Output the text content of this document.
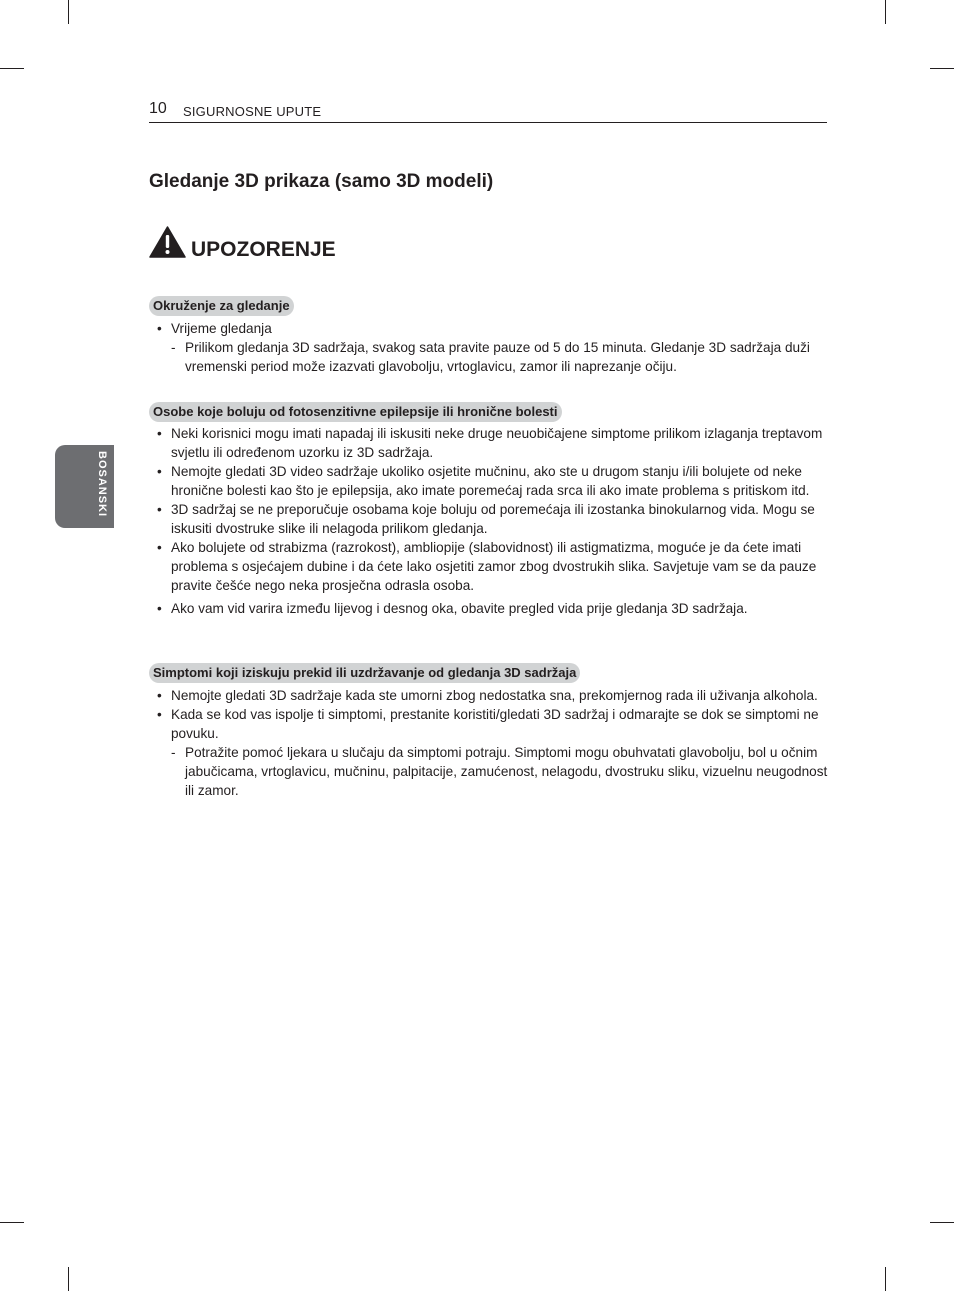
10 SIGURNOSNE UPUTE
BOSANSKI
Gledanje 3D prikaza (samo 3D modeli)
UPOZORENJE
Okruženje za gledanje
• Vrijeme gledanja
- Prilikom gledanja 3D sadržaja, svakog sata pravite pauze od 5 do 15 minuta. Gledanje 3D sadržaja duži vremenski period može izazvati glavobolju, vrtoglavicu, zamor ili naprezanje očiju.
Osobe koje boluju od fotosenzitivne epilepsije ili hronične bolesti
• Neki korisnici mogu imati napadaj ili iskusiti neke druge neuobičajene simptome prilikom izlaganja treptavom svjetlu ili određenom uzorku iz 3D sadržaja.
• Nemojte gledati 3D video sadržaje ukoliko osjetite mučninu, ako ste u drugom stanju i/ili bolujete od neke hronične bolesti kao što je epilepsija, ako imate poremećaj rada srca ili ako imate problema s pritiskom itd.
• 3D sadržaj se ne preporučuje osobama koje boluju od poremećaja ili izostanka binokularnog vida. Mogu se iskusiti dvostruke slike ili nelagoda prilikom gledanja.
• Ako bolujete od strabizma (razrokost), ambliopije (slabovidnost) ili astigmatizma, moguće je da ćete imati problema s osjećajem dubine i da ćete lako osjetiti zamor zbog dvostrukih slika. Savjetuje vam se da pauze pravite češće nego neka prosječna odrasla osoba.
• Ako vam vid varira između lijevog i desnog oka, obavite pregled vida prije gledanja 3D sadržaja.
Simptomi koji iziskuju prekid ili uzdržavanje od gledanja 3D sadržaja
• Nemojte gledati 3D sadržaje kada ste umorni zbog nedostatka sna, prekomjernog rada ili uživanja alkohola.
• Kada se kod vas ispolje ti simptomi, prestanite koristiti/gledati 3D sadržaj i odmarajte se dok se simptomi ne povuku.
- Potražite pomoć ljekara u slučaju da simptomi potraju. Simptomi mogu obuhvatati glavobolju, bol u očnim jabučicama, vrtoglavicu, mučninu, palpitacije, zamućenost, nelagodu, dvostruku sliku, vizuelnu neugodnost ili zamor.
